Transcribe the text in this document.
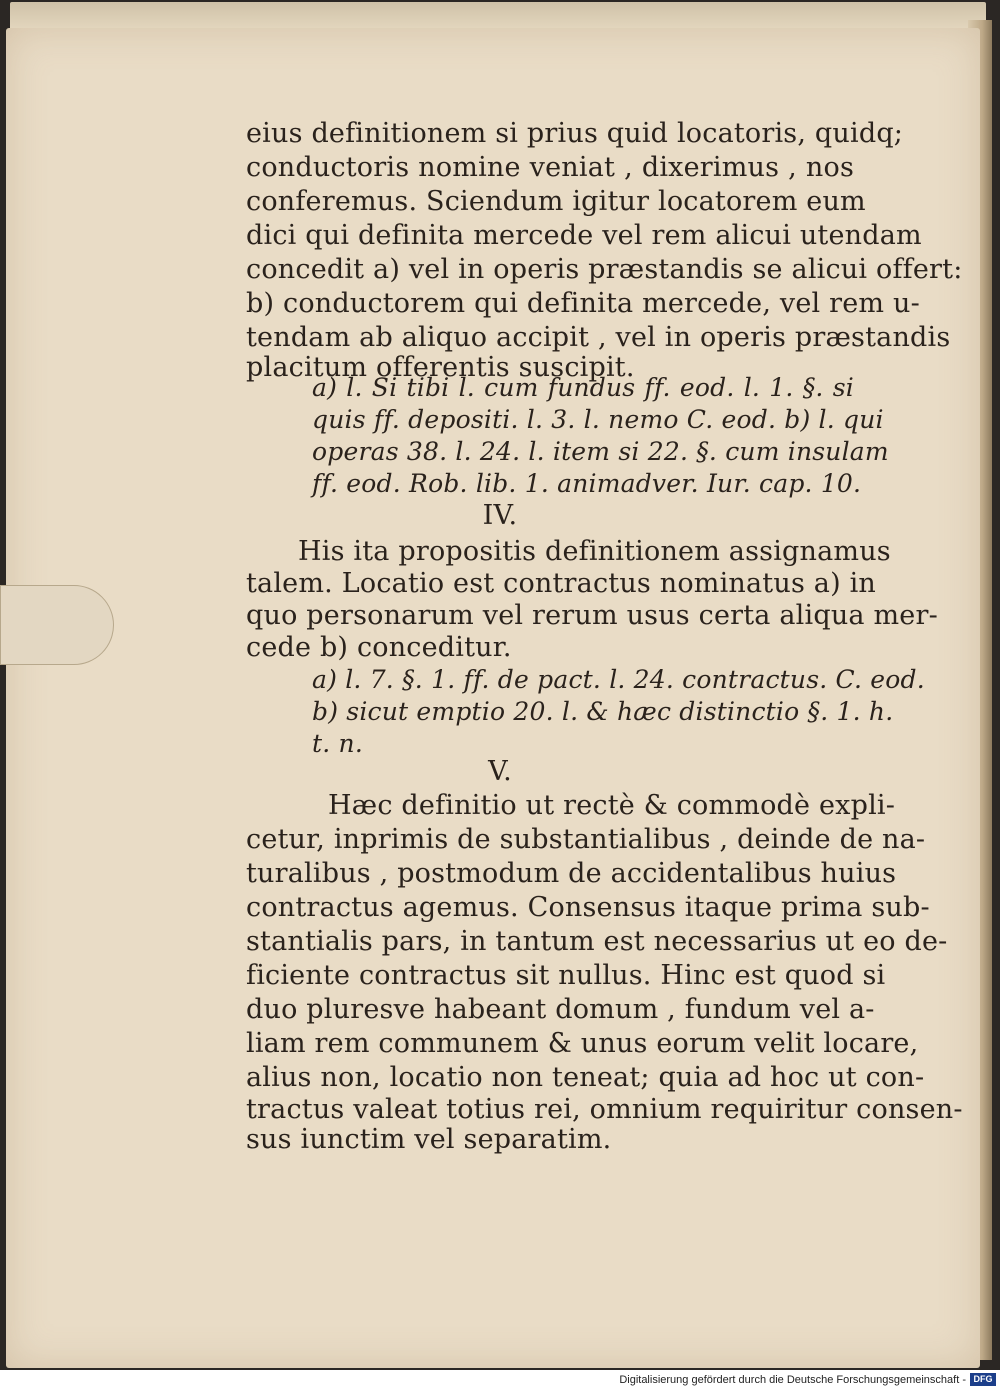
eius definitionem si prius quid locatoris, quidq;
conductoris nomine veniat , dixerimus , nos
conferemus. Sciendum igitur locatorem eum
dici qui definita mercede vel rem alicui utendam
concedit a) vel in operis præstandis se alicui offert:
b) conductorem qui definita mercede, vel rem u-
tendam ab aliquo accipit , vel in operis præstandis
placitum offerentis suscipit.
a) l. Si tibi l. cum fundus ff. eod. l. 1. §. si
quis ff. depositi. l. 3. l. nemo C. eod. b) l. qui
operas 38. l. 24. l. item si 22. §. cum insulam
ff. eod. Rob. lib. 1. animadver. Iur. cap. 10.
IV.
His ita propositis definitionem assignamus
talem. Locatio est contractus nominatus a) in
quo personarum vel rerum usus certa aliqua mer-
cede b) conceditur.
a) l. 7. §. 1. ff. de pact. l. 24. contractus. C. eod.
b) sicut emptio 20. l. & hæc distinctio §. 1. h.
t. n.
V.
Hæc definitio ut rectè & commodè expli-
cetur, inprimis de substantialibus , deinde de na-
turalibus , postmodum de accidentalibus huius
contractus agemus. Consensus itaque prima sub-
stantialis pars, in tantum est necessarius ut eo de-
ficiente contractus sit nullus. Hinc est quod si
duo pluresve habeant domum , fundum vel a-
liam rem communem & unus eorum velit locare,
alius non, locatio non teneat; quia ad hoc ut con-
tractus valeat totius rei, omnium requiritur consen-
sus iunctim vel separatim.
Digitalisierung gefördert durch die Deutsche Forschungsgemeinschaft - DFG
